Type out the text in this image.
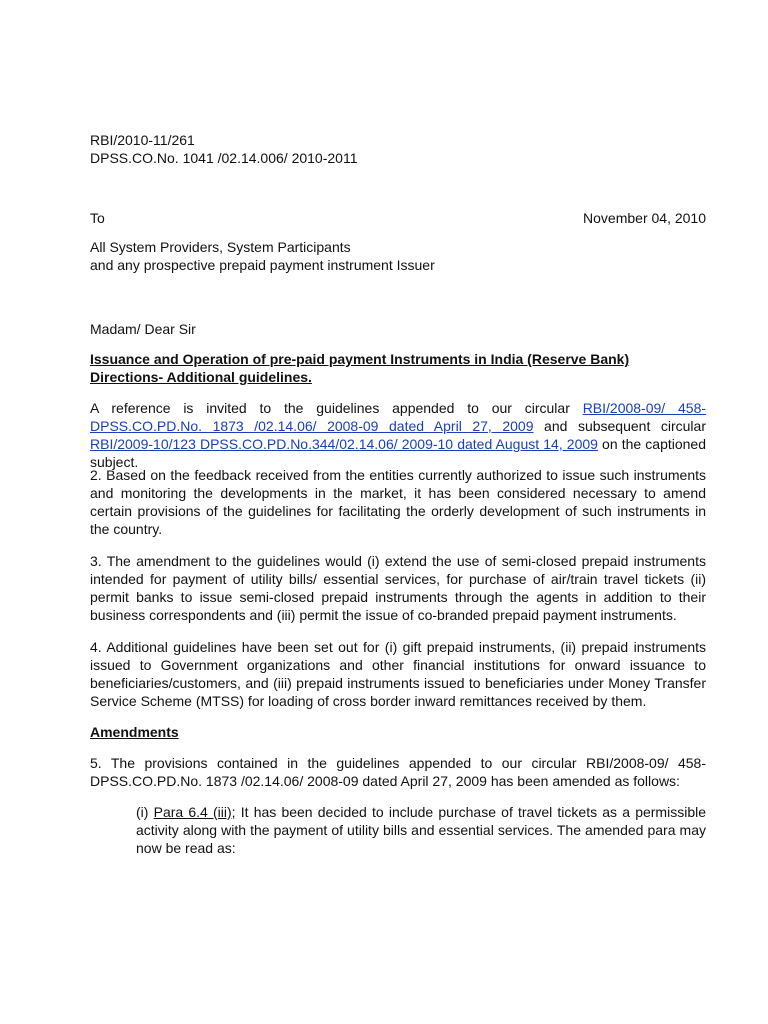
RBI/2010-11/261
DPSS.CO.No. 1041 /02.14.006/ 2010-2011
To	November 04, 2010
All System Providers, System Participants
and any prospective prepaid payment instrument Issuer
Madam/ Dear Sir
Issuance and Operation of pre-paid payment Instruments in India (Reserve Bank) Directions- Additional guidelines.
A reference is invited to the guidelines appended to our circular RBI/2008-09/ 458- DPSS.CO.PD.No. 1873 /02.14.06/ 2008-09 dated April 27, 2009 and subsequent circular RBI/2009-10/123 DPSS.CO.PD.No.344/02.14.06/ 2009-10 dated August 14, 2009 on the captioned subject.
2. Based on the feedback received from the entities currently authorized to issue such instruments and monitoring the developments in the market, it has been considered necessary to amend certain provisions of the guidelines for facilitating the orderly development of such instruments in the country.
3. The amendment to the guidelines would (i) extend the use of semi-closed prepaid instruments intended for payment of utility bills/ essential services, for purchase of air/train travel tickets (ii) permit banks to issue semi-closed prepaid instruments through the agents in addition to their business correspondents and (iii) permit the issue of co-branded prepaid payment instruments.
4. Additional guidelines have been set out for (i) gift prepaid instruments, (ii) prepaid instruments issued to Government organizations and other financial institutions for onward issuance to beneficiaries/customers, and (iii) prepaid instruments issued to beneficiaries under Money Transfer Service Scheme (MTSS) for loading of cross border inward remittances received by them.
Amendments
5. The provisions contained in the guidelines appended to our circular RBI/2008-09/ 458- DPSS.CO.PD.No. 1873 /02.14.06/ 2008-09 dated April 27, 2009 has been amended as follows:
(i) Para 6.4 (iii); It has been decided to include purchase of travel tickets as a permissible activity along with the payment of utility bills and essential services. The amended para may now be read as:
